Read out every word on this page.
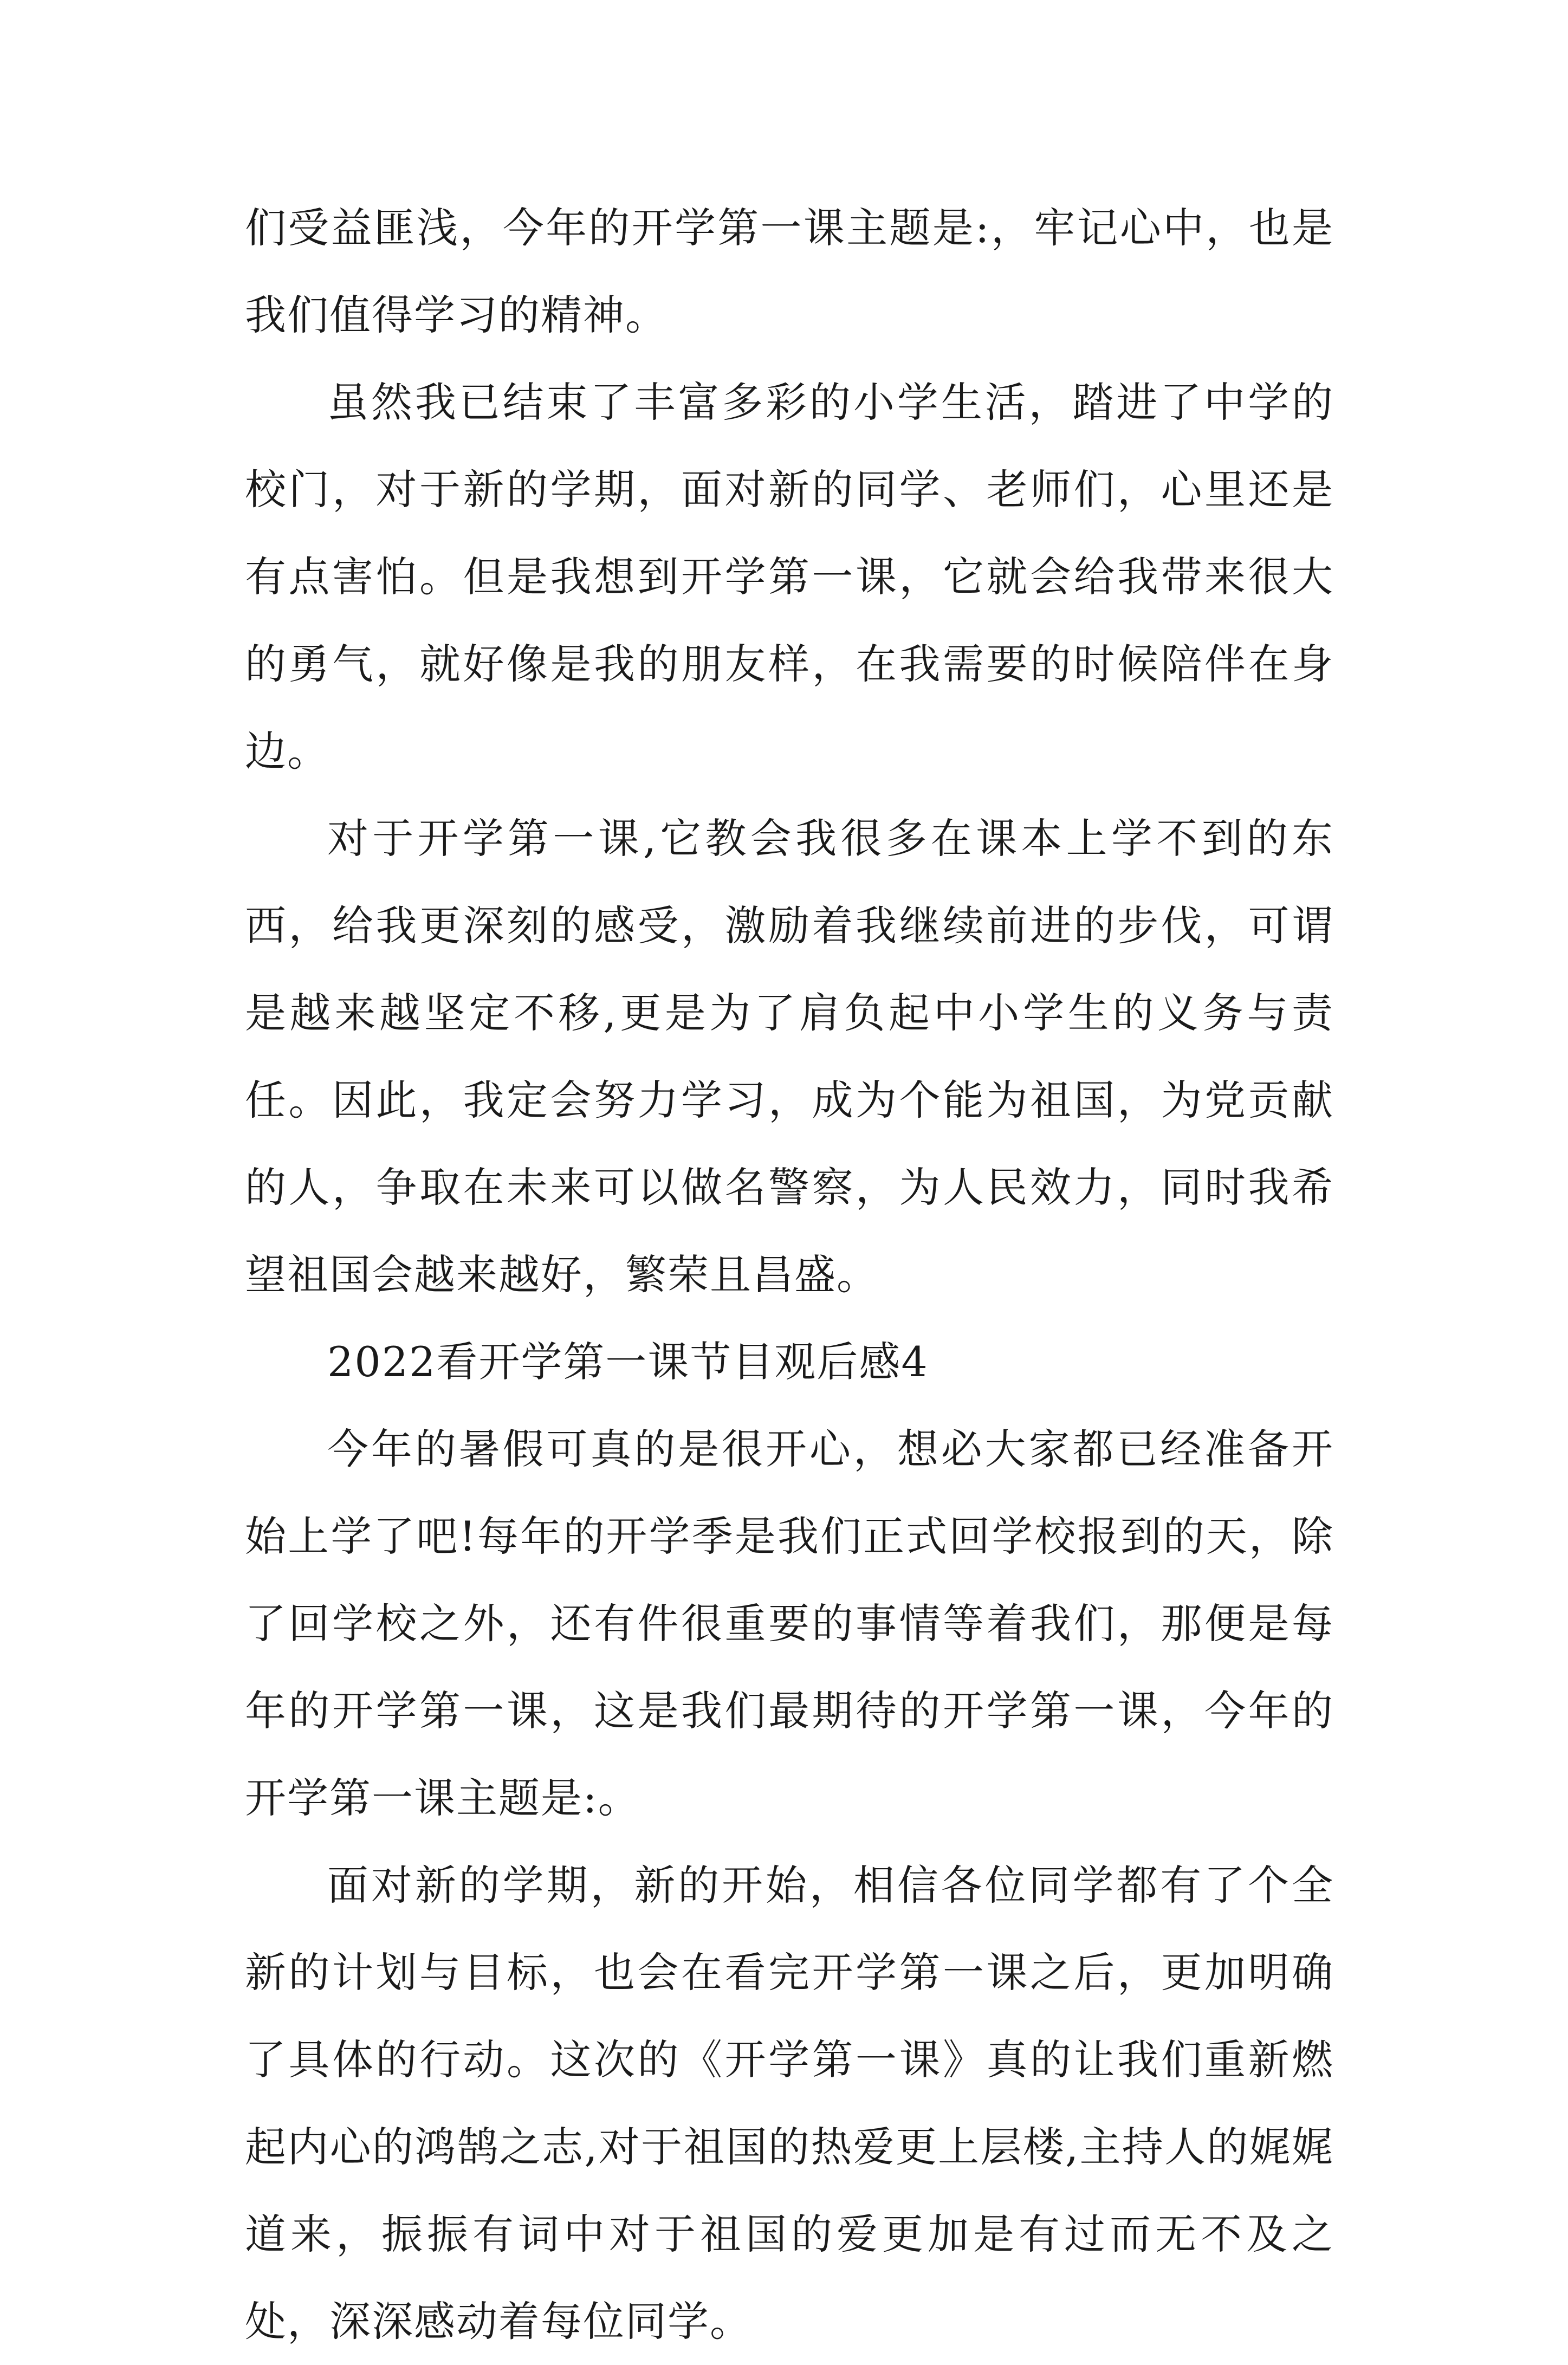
们受益匪浅，今年的开学第一课主题是:，牢记心中，也是我们值得学习的精神。

虽然我已结束了丰富多彩的小学生活，踏进了中学的校门，对于新的学期，面对新的同学、老师们，心里还是有点害怕。但是我想到开学第一课，它就会给我带来很大的勇气，就好像是我的朋友样，在我需要的时候陪伴在身边。

对于开学第一课,它教会我很多在课本上学不到的东西，给我更深刻的感受，激励着我继续前进的步伐，可谓是越来越坚定不移,更是为了肩负起中小学生的义务与责任。因此，我定会努力学习，成为个能为祖国，为党贡献的人，争取在未来可以做名警察，为人民效力，同时我希望祖国会越来越好，繁荣且昌盛。

2022看开学第一课节目观后感4

今年的暑假可真的是很开心，想必大家都已经准备开始上学了吧!每年的开学季是我们正式回学校报到的天，除了回学校之外，还有件很重要的事情等着我们，那便是每年的开学第一课，这是我们最期待的开学第一课，今年的开学第一课主题是:。

面对新的学期，新的开始，相信各位同学都有了个全新的计划与目标，也会在看完开学第一课之后，更加明确了具体的行动。这次的《开学第一课》真的让我们重新燃起内心的鸿鹄之志,对于祖国的热爱更上层楼,主持人的娓娓道来，振振有词中对于祖国的爱更加是有过而无不及之处，深深感动着每位同学。
